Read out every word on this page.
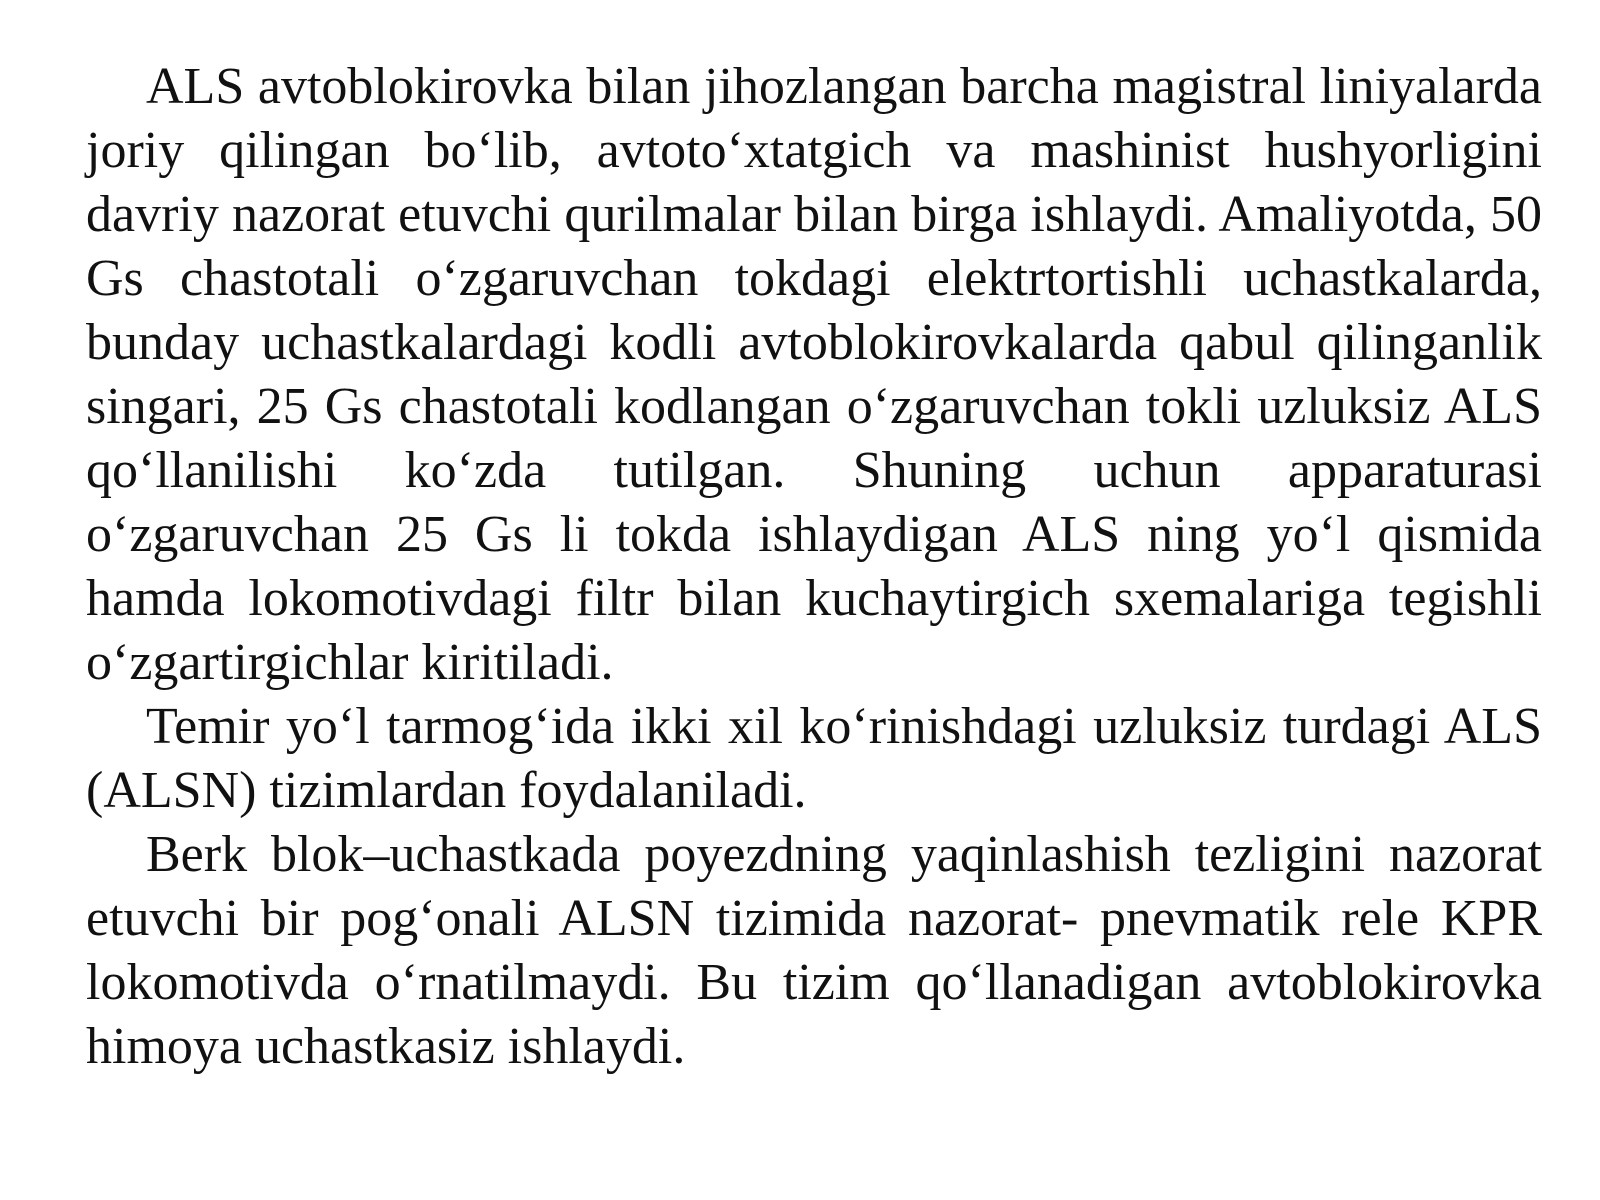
ALS avtoblokirovka bilan jihozlangan barcha magistral liniyalarda joriy qilingan bo‘lib, avtoto‘xtatgich va mashinist hushyorligini davriy nazorat etuvchi qurilmalar bilan birga ishlaydi. Amaliyotda, 50 Gs chastotali o‘zgaruvchan tokdagi elektrtortishli uchastkalarda, bunday uchastkalardagi kodli avtoblokirovkalarda qabul qilinganlik singari, 25 Gs chastotali kodlangan o‘zgaruvchan tokli uzluksiz ALS qo‘llanilishi ko‘zda tutilgan. Shuning uchun apparaturasi o‘zgaruvchan 25 Gs li tokda ishlaydigan ALS ning yo‘l qismida hamda lokomotivdagi filtr bilan kuchaytirgich sxemalariga tegishli o‘zgartirgichlar kiritiladi.

Temir yo‘l tarmog‘ida ikki xil ko‘rinishdagi uzluksiz turdagi ALS (ALSN) tizimlardan foydalaniladi.

Berk blok–uchastkada poyezdning yaqinlashish tezligini nazorat etuvchi bir pog‘onali ALSN tizimida nazorat- pnevmatik rele KPR lokomotivda o‘rnatilmaydi. Bu tizim qo‘llanadigan avtoblokirovka himoya uchastkasiz ishlaydi.
